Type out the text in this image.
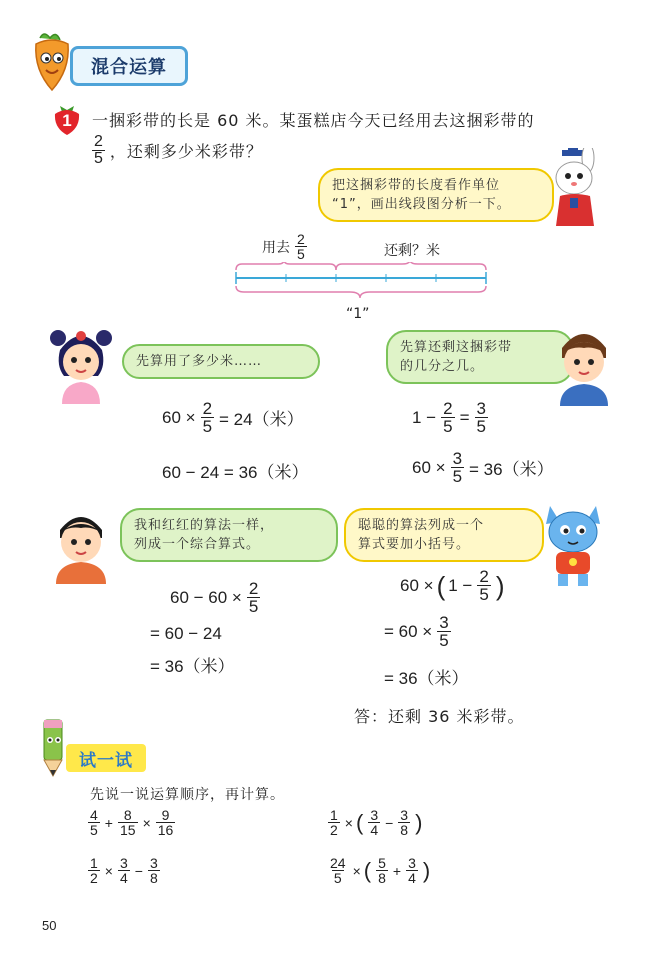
混合运算
1	一捆彩带的长是 60 米。某蛋糕店今天已经用去这捆彩带的
$\frac{2}{5}$ ，还剩多少米彩带？
把这捆彩带的长度看作单位
“1”，画出线段图分析一下。
用去 $\frac{2}{5}$	还剩？米
“1”
先算用了多少米……
先算还剩这捆彩带
的几分之几。
$60 \times \frac{2}{5} = 24$（米）
60 − 24 = 36（米）
$1 - \frac{2}{5} = \frac{3}{5}$
$60 \times \frac{3}{5} = 36$（米）
我和红红的算法一样，
列成一个综合算式。
聪聪的算法列成一个
算式要加小括号。
$60 - 60 \times \frac{2}{5}$
= 60 − 24
= 36（米）
60 × ( $1 - \frac{2}{5}$ )
= $60 \times \frac{3}{5}$
= 36（米）
答：还剩 36 米彩带。
试一试
先说一说运算顺序，再计算。
$\frac{4}{5} + \frac{8}{15} \times \frac{9}{16}$
$\frac{1}{2} \times \frac{3}{4} - \frac{3}{8}$
$\frac{1}{2}$ × ( $\frac{3}{4} - \frac{3}{8}$ )
$\frac{24}{5}$ × ( $\frac{5}{8} + \frac{3}{4}$ )
50
